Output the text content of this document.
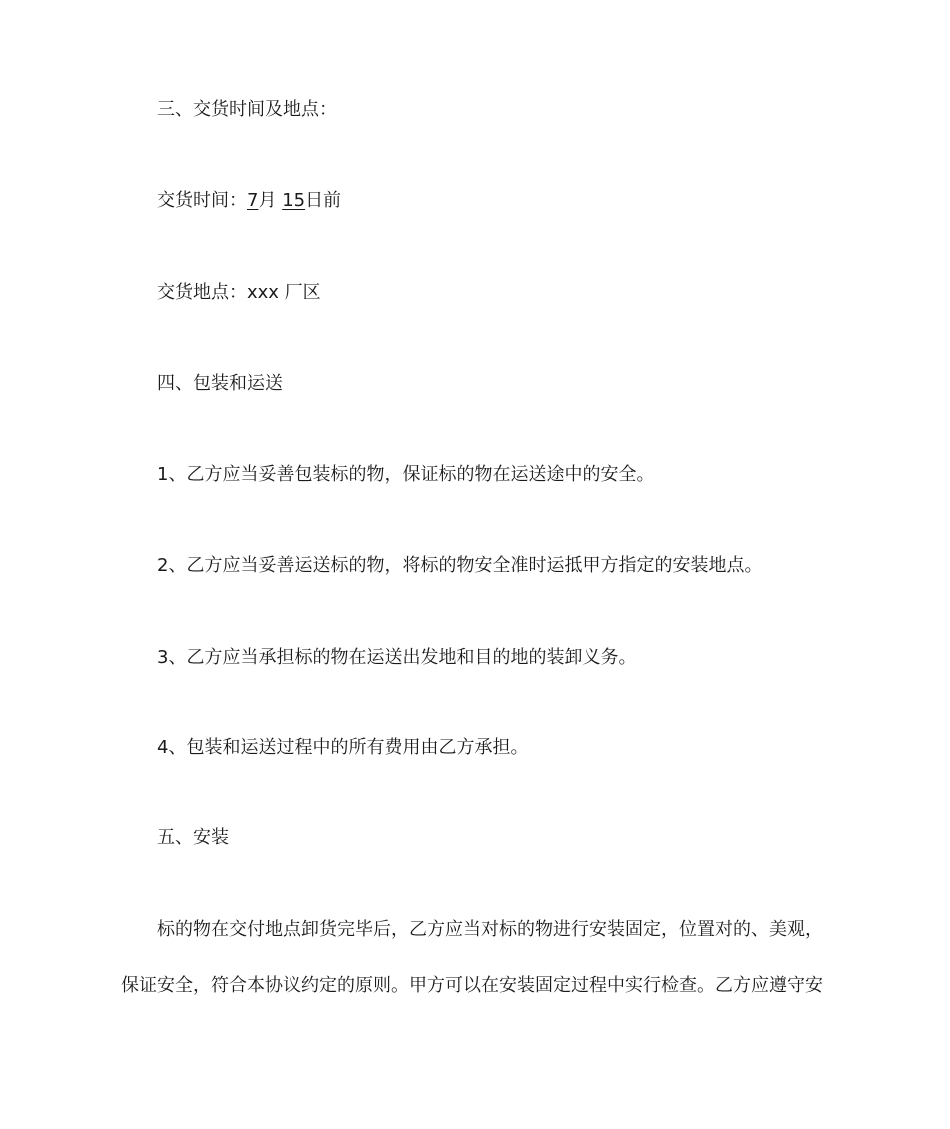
三、交货时间及地点：
交货时间：7月 15日前
交货地点：xxx 厂区
四、包装和运送
1、乙方应当妥善包装标的物，保证标的物在运送途中的安全。
2、乙方应当妥善运送标的物，将标的物安全准时运抵甲方指定的安装地点。
3、乙方应当承担标的物在运送出发地和目的地的装卸义务。
4、包装和运送过程中的所有费用由乙方承担。
五、安装
标的物在交付地点卸货完毕后，乙方应当对标的物进行安装固定，位置对的、美观，
保证安全，符合本协议约定的原则。甲方可以在安装固定过程中实行检查。乙方应遵守安
